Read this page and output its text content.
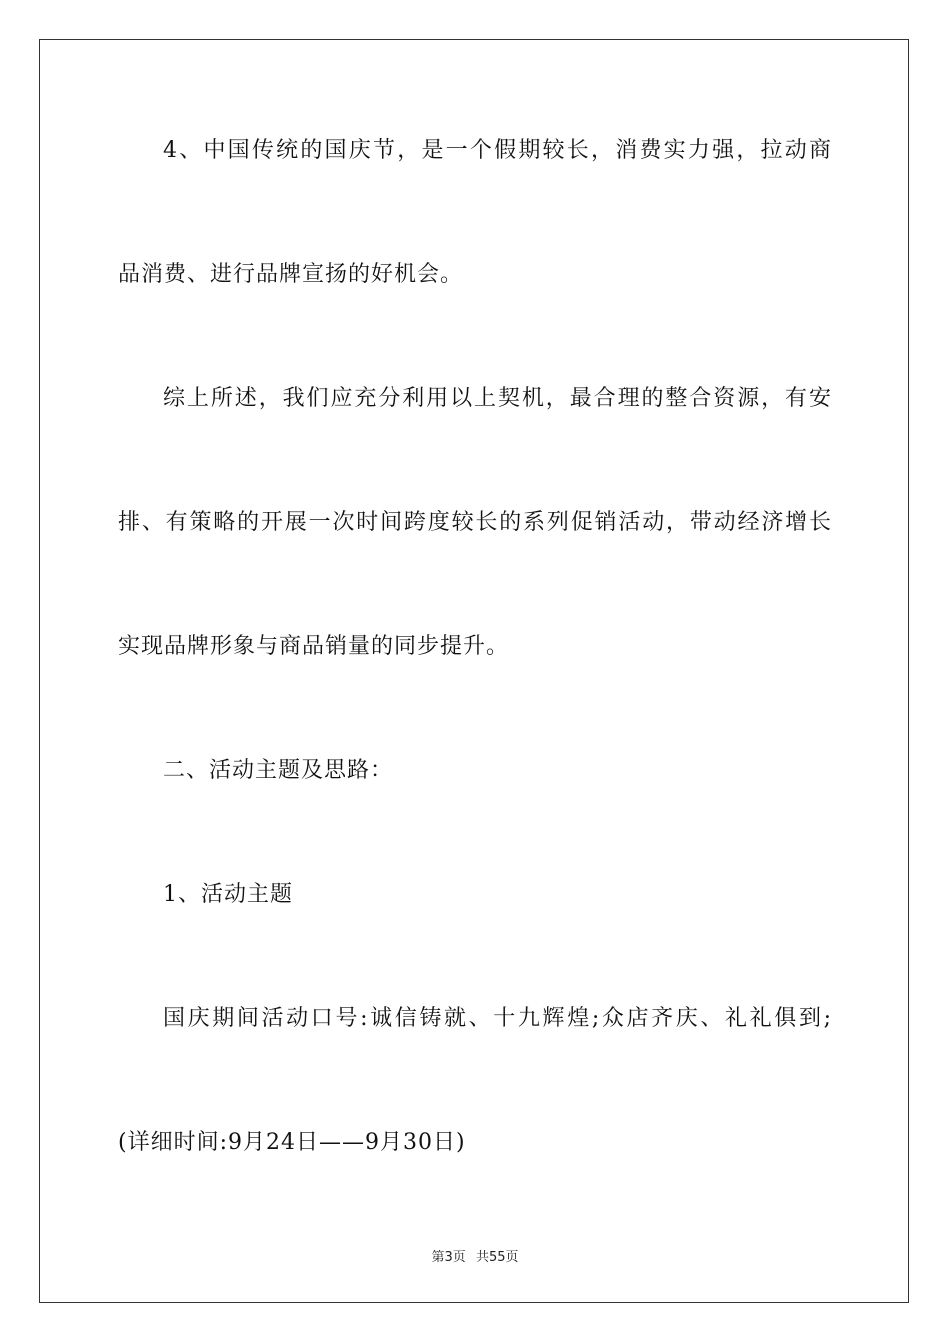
4、中国传统的国庆节，是一个假期较长，消费实力强，拉动商
品消费、进行品牌宣扬的好机会。
综上所述，我们应充分利用以上契机，最合理的整合资源，有安
排、有策略的开展一次时间跨度较长的系列促销活动，带动经济增长
实现品牌形象与商品销量的同步提升。
二、活动主题及思路：
1、活动主题
国庆期间活动口号:诚信铸就、十九辉煌;众店齐庆、礼礼俱到;
(详细时间:9月24日——9月30日)
第3页 共55页
